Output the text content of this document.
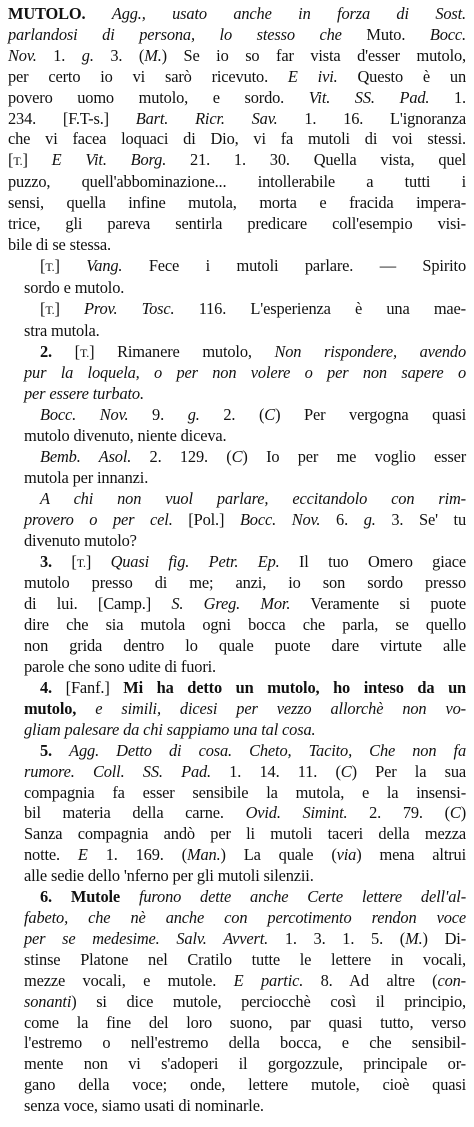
MUTOLO. Agg., usato anche in forza di Sost.
parlandosi di persona, lo stesso che Muto. Bocc.
Nov. 1. g. 3. (M.) Se io so far vista d'esser mutolo,
per certo io vi sarò ricevuto. E ivi. Questo è un
povero uomo mutolo, e sordo. Vit. SS. Pad. 1.
234. [F.T-s.] Bart. Ricr. Sav. 1. 16. L'ignoranza
che vi facea loquaci di Dio, vi fa mutoli di voi stessi.
[T.] E Vit. Borg. 21. 1. 30. Quella vista, quel
puzzo, quell'abbominazione... intollerabile a tutti i
sensi, quella infine mutola, morta e fracida impera-
trice, gli pareva sentirla predicare coll'esempio visi-
bile di se stessa.
[T.] Vang. Fece i mutoli parlare. — Spirito
sordo e mutolo.
[T.] Prov. Tosc. 116. L'esperienza è una mae-
stra mutola.
2. [T.] Rimanere mutolo, Non rispondere, avendo
pur la loquela, o per non volere o per non sapere o
per essere turbato.
Bocc. Nov. 9. g. 2. (C) Per vergogna quasi
mutolo divenuto, niente diceva.
Bemb. Asol. 2. 129. (C) Io per me voglio esser
mutola per innanzi.
A chi non vuol parlare, eccitandolo con rim-
provero o per cel. [Pol.] Bocc. Nov. 6. g. 3. Se' tu
divenuto mutolo?
3. [T.] Quasi fig. Petr. Ep. Il tuo Omero giace
mutolo presso di me; anzi, io son sordo presso
di lui. [Camp.] S. Greg. Mor. Veramente si puote
dire che sia mutola ogni bocca che parla, se quello
non grida dentro lo quale puote dare virtute alle
parole che sono udite di fuori.
4. [Fanf.] Mi ha detto un mutolo, ho inteso da un
mutolo, e simili, dicesi per vezzo allorchè non vo-
gliam palesare da chi sappiamo una tal cosa.
5. Agg. Detto di cosa. Cheto, Tacito, Che non fa
rumore. Coll. SS. Pad. 1. 14. 11. (C) Per la sua
compagnia fa esser sensibile la mutola, e la insensi-
bil materia della carne. Ovid. Simint. 2. 79. (C)
Sanza compagnia andò per li mutoli taceri della mezza
notte. E 1. 169. (Man.) La quale (via) mena altrui
alle sedie dello 'nferno per gli mutoli silenzii.
6. Mutole furono dette anche Certe lettere dell'al-
fabeto, che nè anche con percotimento rendon voce
per se medesime. Salv. Avvert. 1. 3. 1. 5. (M.) Di-
stinse Platone nel Cratilo tutte le lettere in vocali,
mezze vocali, e mutole. E partic. 8. Ad altre (con-
sonanti) si dice mutole, perciocchè così il principio,
come la fine del loro suono, par quasi tutto, verso
l'estremo o nell'estremo della bocca, e che sensibil-
mente non vi s'adoperi il gorgozzule, principale or-
gano della voce; onde, lettere mutole, cioè quasi
senza voce, siamo usati di nominarle.
